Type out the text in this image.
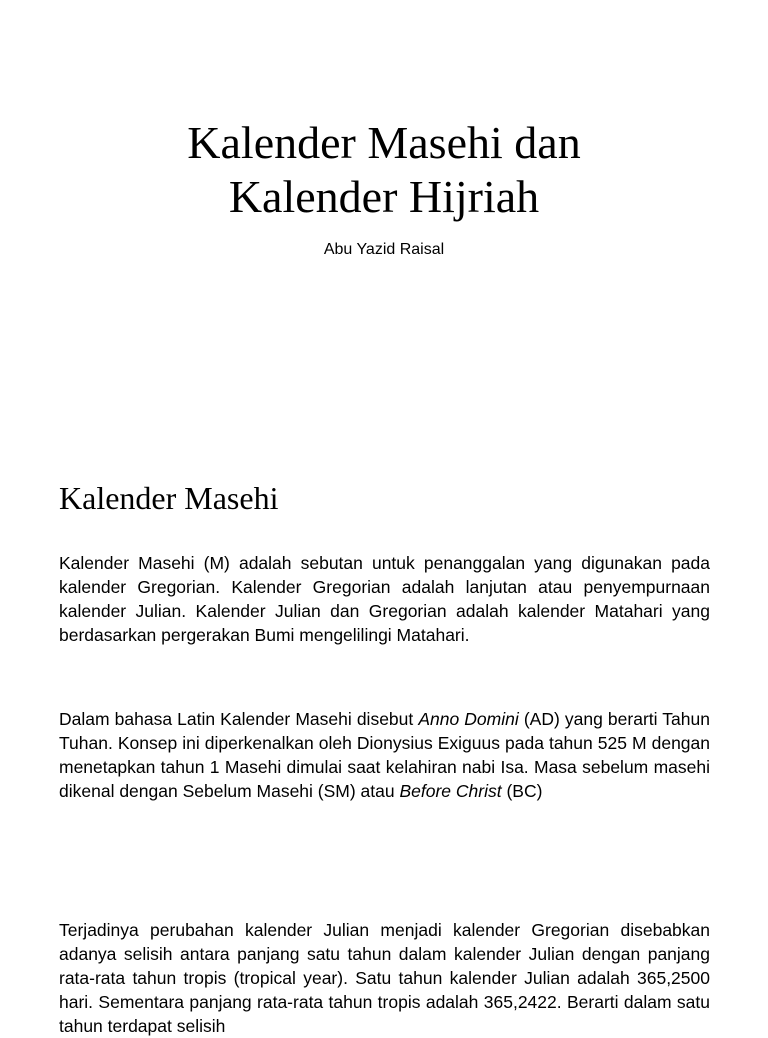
Kalender Masehi dan
Kalender Hijriah
Abu Yazid Raisal
Kalender Masehi

Kalender Masehi (M) adalah sebutan untuk penanggalan yang digunakan pada kalender Gregorian. Kalender Gregorian adalah lanjutan atau penyempurnaan kalender Julian. Kalender Julian dan Gregorian adalah kalender Matahari yang berdasarkan pergerakan Bumi mengelilingi Matahari.

Dalam bahasa Latin Kalender Masehi disebut Anno Domini (AD) yang berarti Tahun Tuhan. Konsep ini diperkenalkan oleh Dionysius Exiguus pada tahun 525 M dengan menetapkan tahun 1 Masehi dimulai saat kelahiran nabi Isa. Masa sebelum masehi dikenal dengan Sebelum Masehi (SM) atau Before Christ (BC)

Terjadinya perubahan kalender Julian menjadi kalender Gregorian disebabkan adanya selisih antara panjang satu tahun dalam kalender Julian dengan panjang rata-rata tahun tropis (tropical year). Satu tahun kalender Julian adalah 365,2500 hari. Sementara panjang rata-rata tahun tropis adalah 365,2422. Berarti dalam satu tahun terdapat selisih
